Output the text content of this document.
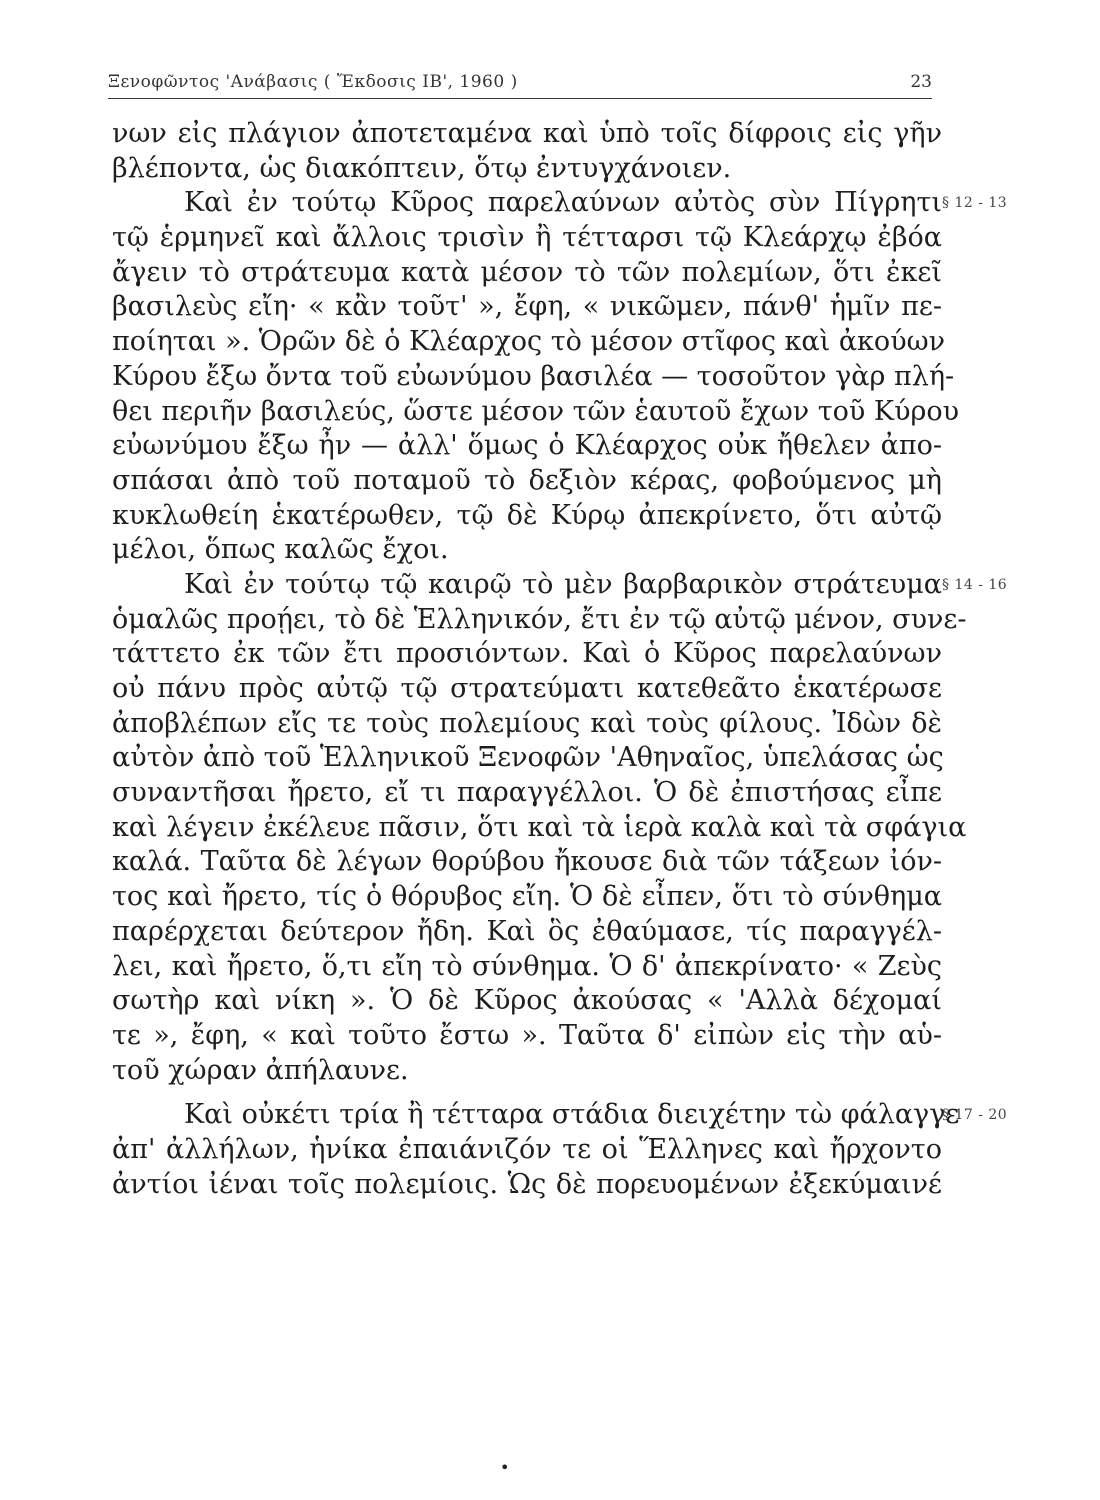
Ξενοφῶντος 'Ανάβασις ( Ἔκδοσις ΙΒ', 1960 )	23
νων εἰς πλάγιον ἀποτεταμένα καὶ ὑπὸ τοῖς δίφροις εἰς γῆν
βλέποντα, ὡς διακόπτειν, ὅτῳ ἐντυγχάνοιεν.
Καὶ ἐν τούτῳ Κῦρος παρελαύνων αὐτὸς σὺν Πίγρητι § 12 - 13
τῷ ἑρμηνεῖ καὶ ἄλλοις τρισὶν ἢ τέτταρσι τῷ Κλεάρχῳ ἐβόα
ἄγειν τὸ στράτευμα κατὰ μέσον τὸ τῶν πολεμίων, ὅτι ἐκεῖ
βασιλεὺς εἴη· « κἂν τοῦτ' », ἔφη, « νικῶμεν, πάνθ' ἡμῖν πε-
ποίηται ». Ὁρῶν δὲ ὁ Κλέαρχος τὸ μέσον στῖφος καὶ ἀκούων
Κύρου ἔξω ὄντα τοῦ εὐωνύμου βασιλέα — τοσοῦτον γὰρ πλή-
θει περιῆν βασιλεύς, ὥστε μέσον τῶν ἑαυτοῦ ἔχων τοῦ Κύρου
εὐωνύμου ἔξω ἦν — ἀλλ' ὅμως ὁ Κλέαρχος οὐκ ἤθελεν ἀπο-
σπάσαι ἀπὸ τοῦ ποταμοῦ τὸ δεξιὸν κέρας, φοβούμενος μὴ
κυκλωθείη ἑκατέρωθεν, τῷ δὲ Κύρῳ ἀπεκρίνετο, ὅτι αὐτῷ
μέλοι, ὅπως καλῶς ἔχοι.
Καὶ ἐν τούτῳ τῷ καιρῷ τὸ μὲν βαρβαρικὸν στράτευμα § 14 - 16
ὁμαλῶς προῄει, τὸ δὲ Ἑλληνικόν, ἔτι ἐν τῷ αὐτῷ μένον, συνε-
τάττετο ἐκ τῶν ἔτι προσιόντων. Καὶ ὁ Κῦρος παρελαύνων
οὐ πάνυ πρὸς αὐτῷ τῷ στρατεύματι κατεθεᾶτο ἑκατέρωσε
ἀποβλέπων εἴς τε τοὺς πολεμίους καὶ τοὺς φίλους. Ἰδὼν δὲ
αὐτὸν ἀπὸ τοῦ Ἑλληνικοῦ Ξενοφῶν 'Αθηναῖος, ὑπελάσας ὡς
συναντῆσαι ἤρετο, εἴ τι παραγγέλλοι. Ὁ δὲ ἐπιστήσας εἶπε
καὶ λέγειν ἐκέλευε πᾶσιν, ὅτι καὶ τὰ ἱερὰ καλὰ καὶ τὰ σφάγια
καλά. Ταῦτα δὲ λέγων θορύβου ἤκουσε διὰ τῶν τάξεων ἰόν-
τος καὶ ἤρετο, τίς ὁ θόρυβος εἴη. Ὁ δὲ εἶπεν, ὅτι τὸ σύνθημα
παρέρχεται δεύτερον ἤδη. Καὶ ὃς ἐθαύμασε, τίς παραγγέλ-
λει, καὶ ἤρετο, ὅ,τι εἴη τὸ σύνθημα. Ὁ δ' ἀπεκρίνατο· « Ζεὺς
σωτὴρ καὶ νίκη ». Ὁ δὲ Κῦρος ἀκούσας « 'Αλλὰ δέχομαί
τε », ἔφη, « καὶ τοῦτο ἔστω ». Ταῦτα δ' εἰπὼν εἰς τὴν αὑ-
τοῦ χώραν ἀπήλαυνε.
Καὶ οὐκέτι τρία ἢ τέτταρα στάδια διειχέτην τὼ φάλαγγε
§ 17 - 20
ἀπ' ἀλλήλων, ἡνίκα ἐπαιάνιζόν τε οἱ Ἕλληνες καὶ ἤρχοντο
ἀντίοι ἰέναι τοῖς πολεμίοις. Ὡς δὲ πορευομένων ἐξεκύμαινέ
•
